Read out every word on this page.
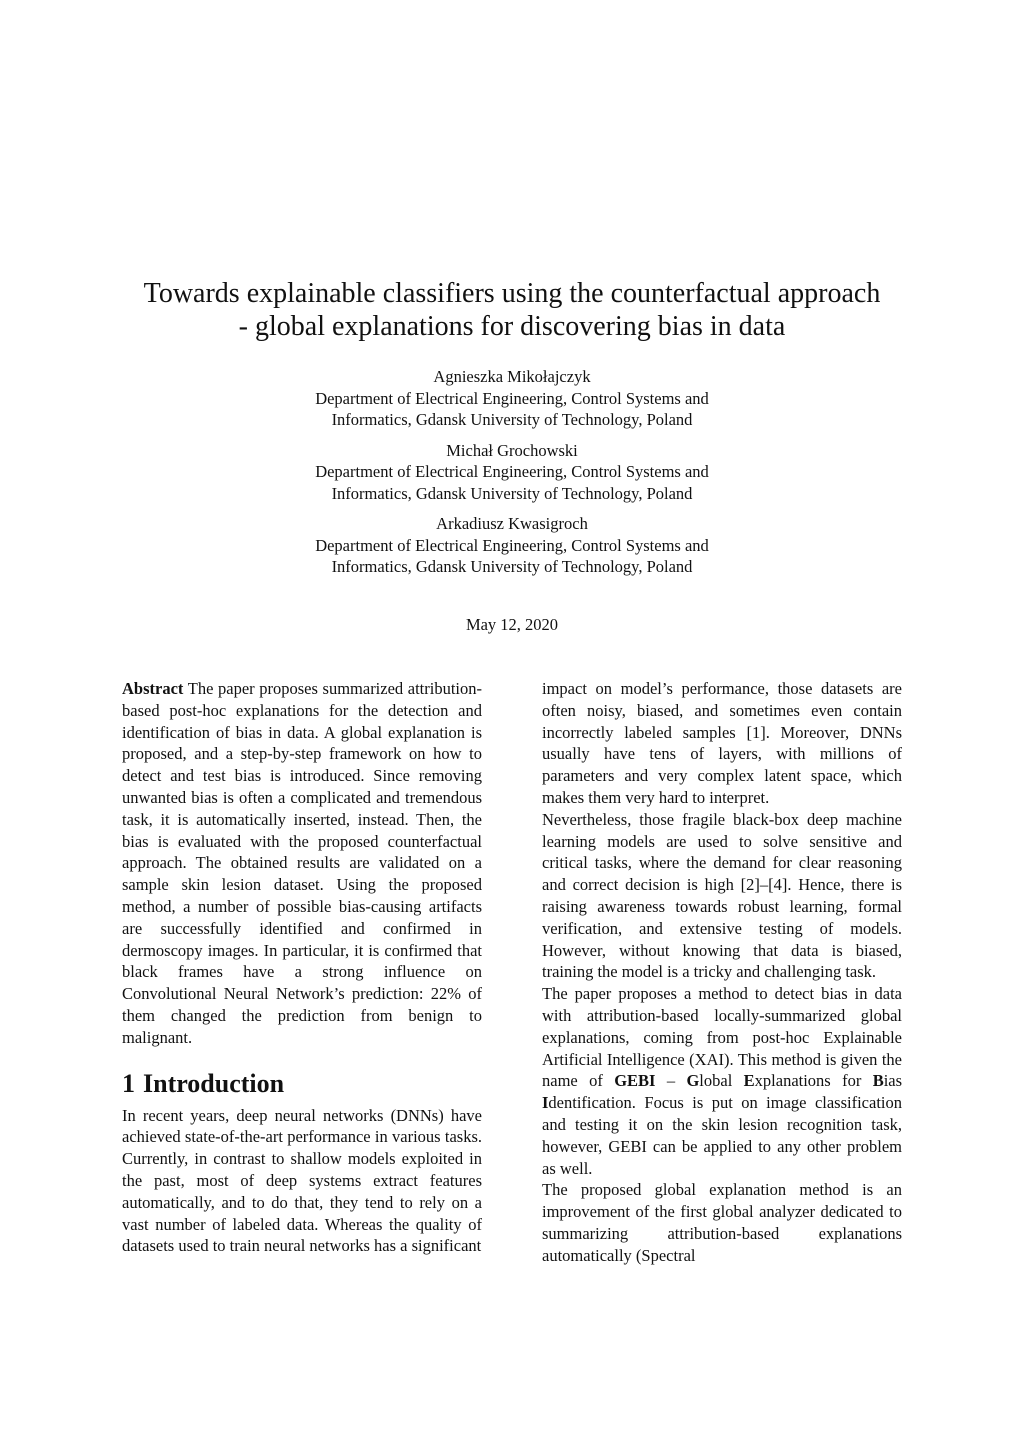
Towards explainable classifiers using the counterfactual approach
- global explanations for discovering bias in data
Agnieszka Mikołajczyk
Department of Electrical Engineering, Control Systems and
Informatics, Gdansk University of Technology, Poland
Michał Grochowski
Department of Electrical Engineering, Control Systems and
Informatics, Gdansk University of Technology, Poland
Arkadiusz Kwasigroch
Department of Electrical Engineering, Control Systems and
Informatics, Gdansk University of Technology, Poland
May 12, 2020

Abstract The paper proposes summarized attribution-based post-hoc explanations for the detection and identification of bias in data. A global explanation is proposed, and a step-by-step framework on how to detect and test bias is introduced. Since removing unwanted bias is often a complicated and tremendous task, it is automatically inserted, instead. Then, the bias is evaluated with the proposed counterfactual approach. The obtained results are validated on a sample skin lesion dataset. Using the proposed method, a number of possible bias-causing artifacts are successfully identified and confirmed in dermoscopy images. In particular, it is confirmed that black frames have a strong influence on Convolutional Neural Network’s prediction: 22% of them changed the prediction from benign to malignant.

1 Introduction

In recent years, deep neural networks (DNNs) have achieved state-of-the-art performance in various tasks. Currently, in contrast to shallow models exploited in the past, most of deep systems extract features automatically, and to do that, they tend to rely on a vast number of labeled data. Whereas the quality of datasets used to train neural networks has a significant

impact on model’s performance, those datasets are often noisy, biased, and sometimes even contain incorrectly labeled samples [1]. Moreover, DNNs usually have tens of layers, with millions of parameters and very complex latent space, which makes them very hard to interpret.

Nevertheless, those fragile black-box deep machine learning models are used to solve sensitive and critical tasks, where the demand for clear reasoning and correct decision is high [2]–[4]. Hence, there is raising awareness towards robust learning, formal verification, and extensive testing of models. However, without knowing that data is biased, training the model is a tricky and challenging task.

The paper proposes a method to detect bias in data with attribution-based locally-summarized global explanations, coming from post-hoc Explainable Artificial Intelligence (XAI). This method is given the name of GEBI – Global Explanations for Bias Identification. Focus is put on image classification and testing it on the skin lesion recognition task, however, GEBI can be applied to any other problem as well.

The proposed global explanation method is an improvement of the first global analyzer dedicated to summarizing attribution-based explanations automatically (Spectral
